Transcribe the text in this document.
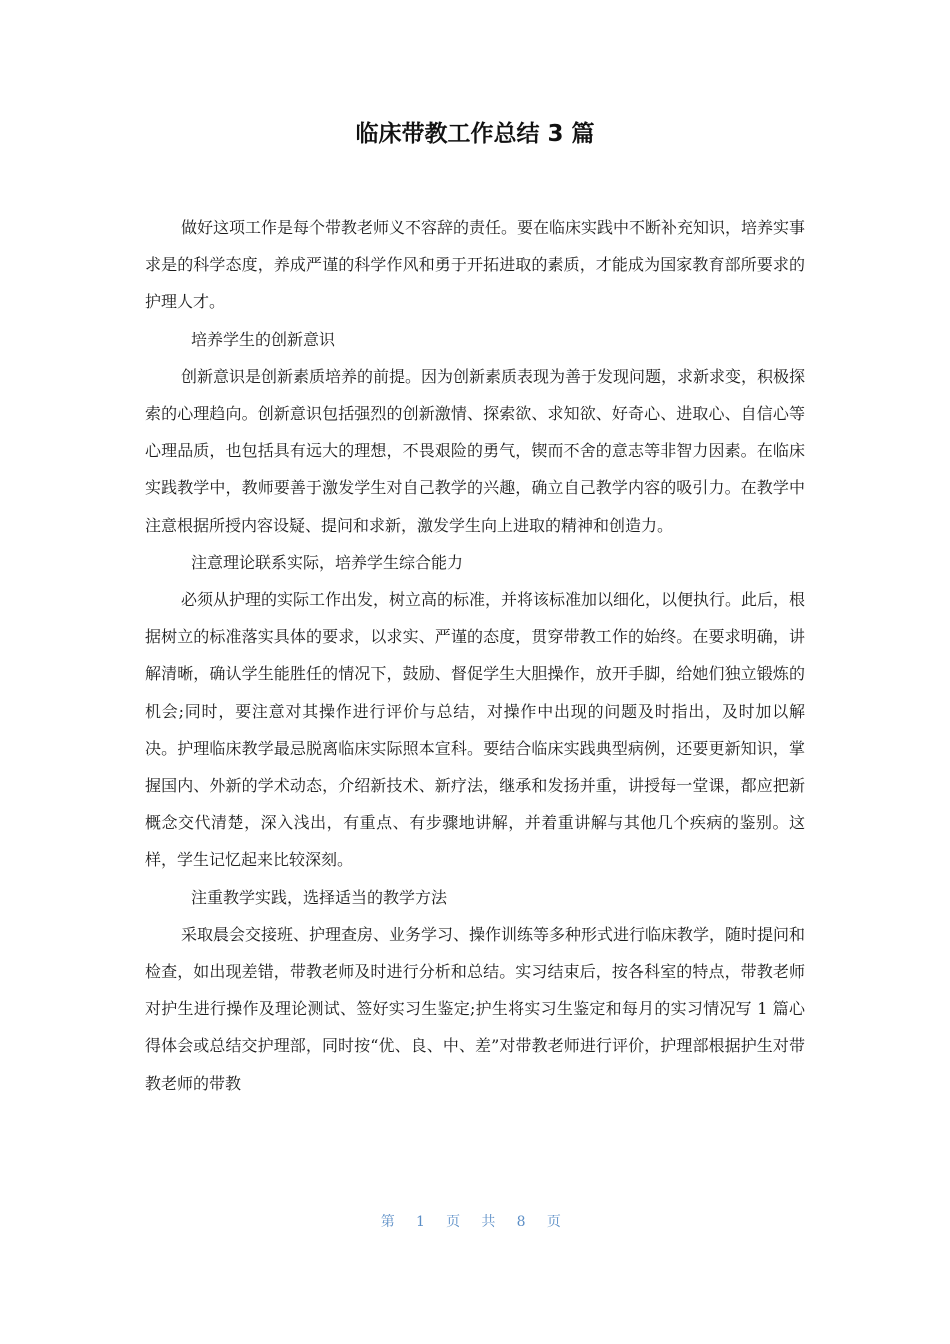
临床带教工作总结 3 篇

做好这项工作是每个带教老师义不容辞的责任。要在临床实践中不断补充知识，培养实事求是的科学态度，养成严谨的科学作风和勇于开拓进取的素质，才能成为国家教育部所要求的护理人才。

培养学生的创新意识

创新意识是创新素质培养的前提。因为创新素质表现为善于发现问题，求新求变，积极探索的心理趋向。创新意识包括强烈的创新激情、探索欲、求知欲、好奇心、进取心、自信心等心理品质，也包括具有远大的理想，不畏艰险的勇气，锲而不舍的意志等非智力因素。在临床实践教学中，教师要善于激发学生对自己教学的兴趣，确立自己教学内容的吸引力。在教学中注意根据所授内容设疑、提问和求新，激发学生向上进取的精神和创造力。

注意理论联系实际，培养学生综合能力

必须从护理的实际工作出发，树立高的标准，并将该标准加以细化，以便执行。此后，根据树立的标准落实具体的要求，以求实、严谨的态度，贯穿带教工作的始终。在要求明确，讲解清晰，确认学生能胜任的情况下，鼓励、督促学生大胆操作，放开手脚，给她们独立锻炼的机会;同时，要注意对其操作进行评价与总结，对操作中出现的问题及时指出，及时加以解决。护理临床教学最忌脱离临床实际照本宣科。要结合临床实践典型病例，还要更新知识，掌握国内、外新的学术动态，介绍新技术、新疗法，继承和发扬并重，讲授每一堂课，都应把新概念交代清楚，深入浅出，有重点、有步骤地讲解，并着重讲解与其他几个疾病的鉴别。这样，学生记忆起来比较深刻。

注重教学实践，选择适当的教学方法

采取晨会交接班、护理查房、业务学习、操作训练等多种形式进行临床教学，随时提问和检查，如出现差错，带教老师及时进行分析和总结。实习结束后，按各科室的特点，带教老师对护生进行操作及理论测试、签好实习生鉴定;护生将实习生鉴定和每月的实习情况写 1 篇心得体会或总结交护理部，同时按“优、良、中、差”对带教老师进行评价，护理部根据护生对带教老师的带教

第 1 页 共 8 页
